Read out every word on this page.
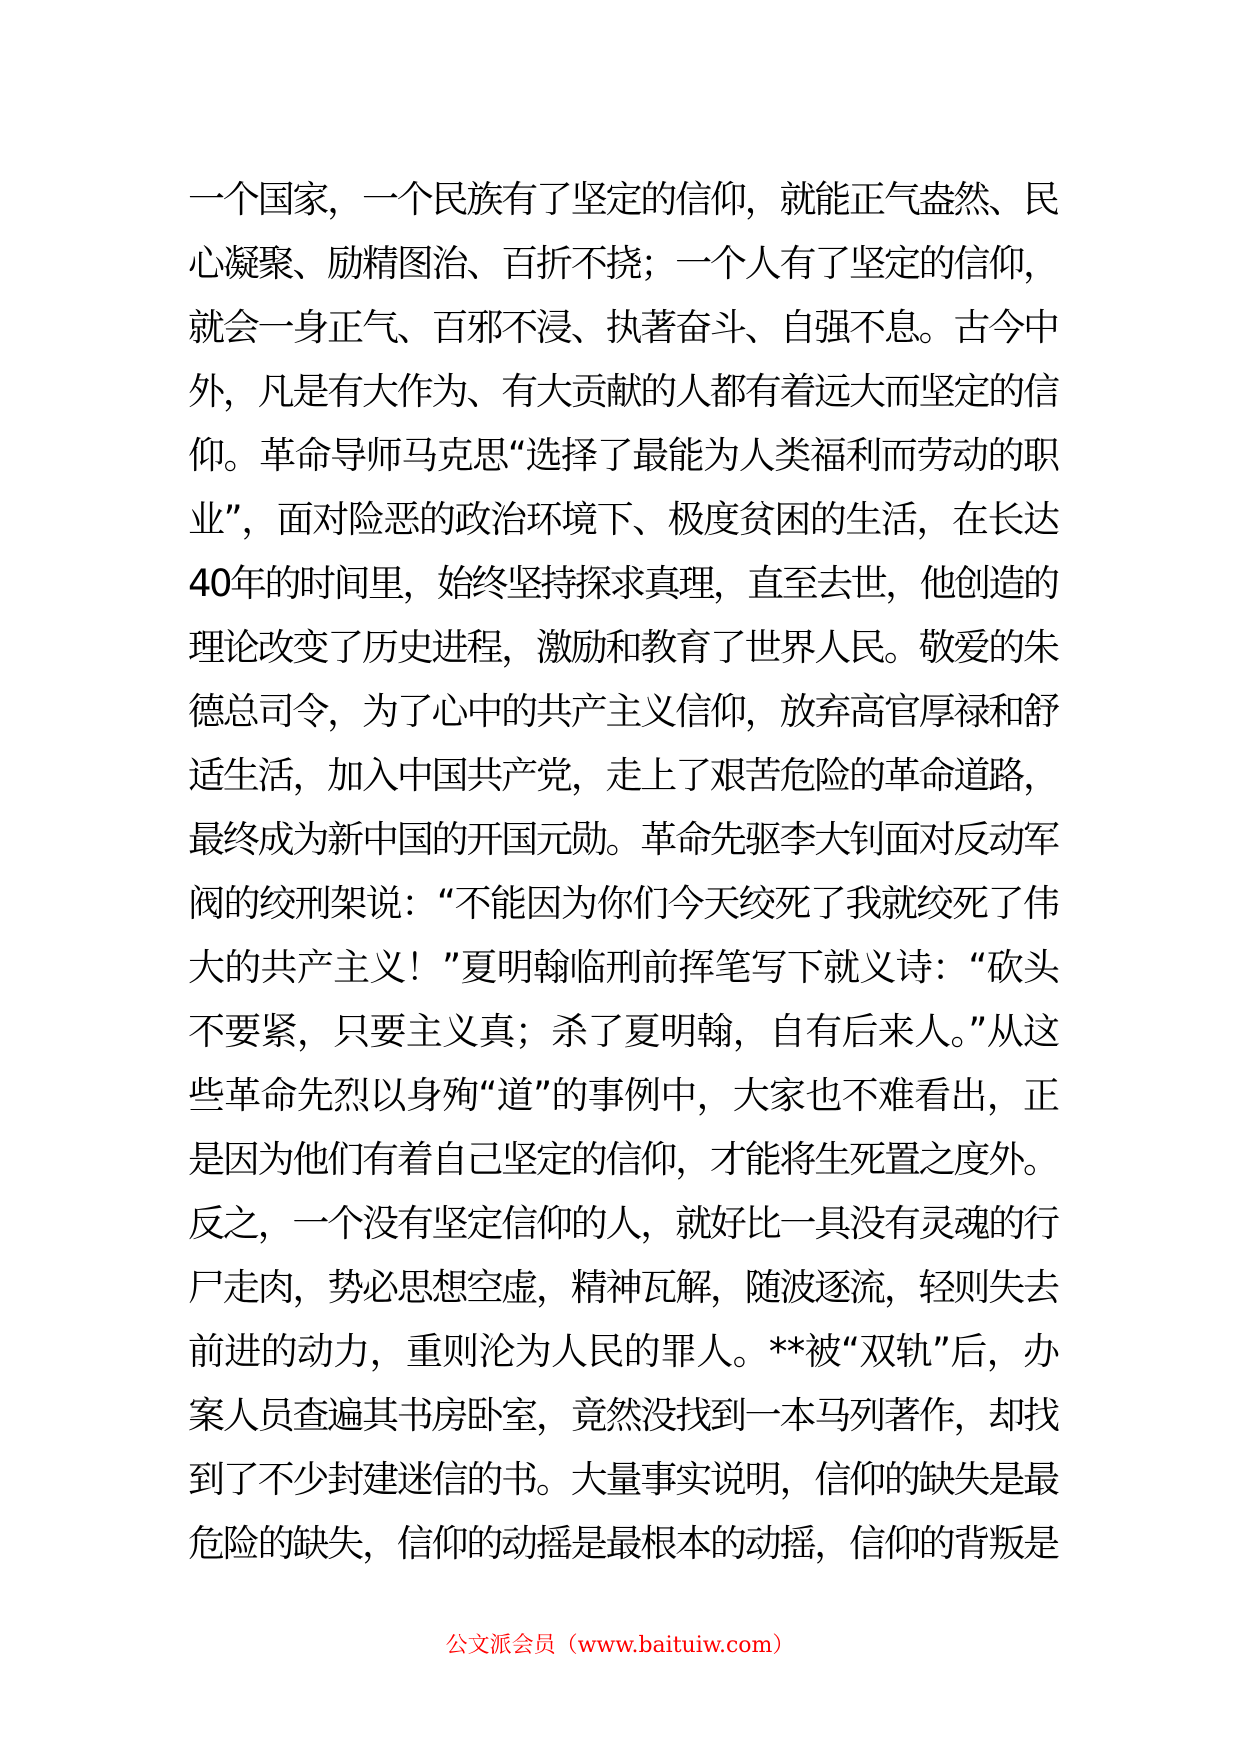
一个国家，一个民族有了坚定的信仰，就能正气盎然、民
心凝聚、励精图治、百折不挠；一个人有了坚定的信仰，
就会一身正气、百邪不浸、执著奋斗、自强不息。古今中
外，凡是有大作为、有大贡献的人都有着远大而坚定的信
仰。革命导师马克思“选择了最能为人类福利而劳动的职
业”，面对险恶的政治环境下、极度贫困的生活，在长达
40年的时间里，始终坚持探求真理，直至去世，他创造的
理论改变了历史进程，激励和教育了世界人民。敬爱的朱
德总司令，为了心中的共产主义信仰，放弃高官厚禄和舒
适生活，加入中国共产党，走上了艰苦危险的革命道路，
最终成为新中国的开国元勋。革命先驱李大钊面对反动军
阀的绞刑架说：“不能因为你们今天绞死了我就绞死了伟
大的共产主义！”夏明翰临刑前挥笔写下就义诗：“砍头
不要紧，只要主义真；杀了夏明翰，自有后来人。”从这
些革命先烈以身殉“道”的事例中，大家也不难看出，正
是因为他们有着自己坚定的信仰，才能将生死置之度外。
反之，一个没有坚定信仰的人，就好比一具没有灵魂的行
尸走肉，势必思想空虚，精神瓦解，随波逐流，轻则失去
前进的动力，重则沦为人民的罪人。**被“双轨”后，办
案人员查遍其书房卧室，竟然没找到一本马列著作，却找
到了不少封建迷信的书。大量事实说明，信仰的缺失是最
危险的缺失，信仰的动摇是最根本的动摇，信仰的背叛是
公文派会员（www.baituiw.com）
